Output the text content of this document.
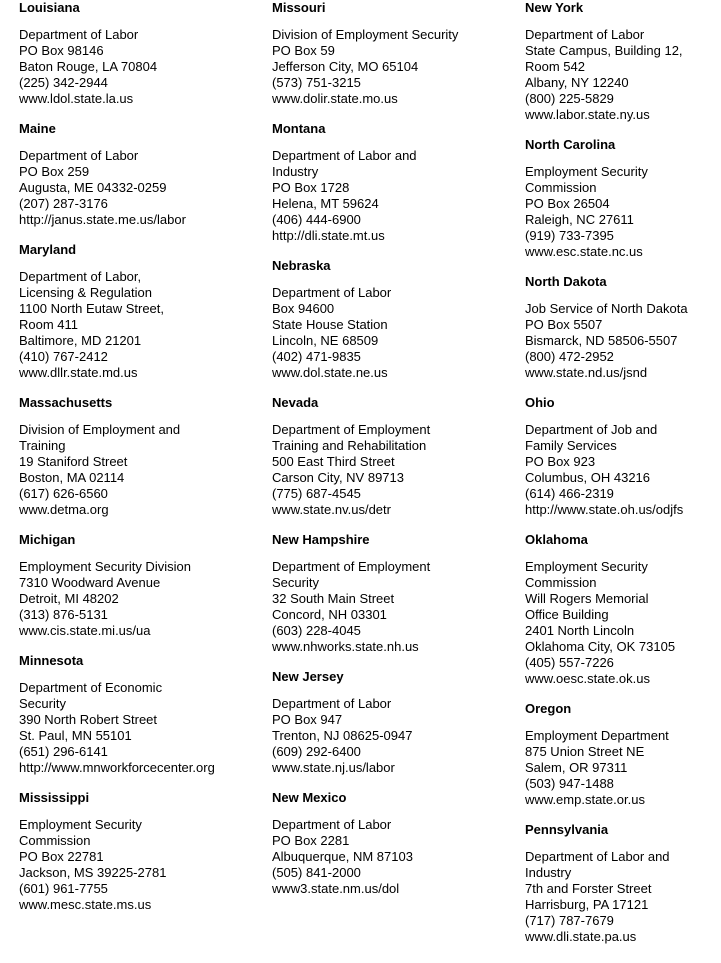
Louisiana
Department of Labor
PO Box 98146
Baton Rouge, LA 70804
(225) 342-2944
www.ldol.state.la.us
Maine
Department of Labor
PO Box 259
Augusta, ME 04332-0259
(207) 287-3176
http://janus.state.me.us/labor
Maryland
Department of Labor,
Licensing & Regulation
1100 North Eutaw Street,
Room 411
Baltimore, MD 21201
(410) 767-2412
www.dllr.state.md.us
Massachusetts
Division of Employment and
Training
19 Staniford Street
Boston, MA 02114
(617) 626-6560
www.detma.org
Michigan
Employment Security Division
7310 Woodward Avenue
Detroit, MI 48202
(313) 876-5131
www.cis.state.mi.us/ua
Minnesota
Department of Economic
Security
390 North Robert Street
St. Paul, MN 55101
(651) 296-6141
http://www.mnworkforcecenter.org
Mississippi
Employment Security
Commission
PO Box 22781
Jackson, MS 39225-2781
(601) 961-7755
www.mesc.state.ms.us
Missouri
Division of Employment Security
PO Box 59
Jefferson City, MO 65104
(573) 751-3215
www.dolir.state.mo.us
Montana
Department of Labor and
Industry
PO Box 1728
Helena, MT 59624
(406) 444-6900
http://dli.state.mt.us
Nebraska
Department of Labor
Box 94600
State House Station
Lincoln, NE 68509
(402) 471-9835
www.dol.state.ne.us
Nevada
Department of Employment
Training and Rehabilitation
500 East Third Street
Carson City, NV 89713
(775) 687-4545
www.state.nv.us/detr
New Hampshire
Department of Employment
Security
32 South Main Street
Concord, NH 03301
(603) 228-4045
www.nhworks.state.nh.us
New Jersey
Department of Labor
PO Box 947
Trenton, NJ 08625-0947
(609) 292-6400
www.state.nj.us/labor
New Mexico
Department of Labor
PO Box 2281
Albuquerque, NM 87103
(505) 841-2000
www3.state.nm.us/dol
New York
Department of Labor
State Campus, Building 12,
Room 542
Albany, NY 12240
(800) 225-5829
www.labor.state.ny.us
North Carolina
Employment Security
Commission
PO Box 26504
Raleigh, NC 27611
(919) 733-7395
www.esc.state.nc.us
North Dakota
Job Service of North Dakota
PO Box 5507
Bismarck, ND 58506-5507
(800) 472-2952
www.state.nd.us/jsnd
Ohio
Department of Job and
Family Services
PO Box 923
Columbus, OH 43216
(614) 466-2319
http://www.state.oh.us/odjfs
Oklahoma
Employment Security
Commission
Will Rogers Memorial
Office Building
2401 North Lincoln
Oklahoma City, OK 73105
(405) 557-7226
www.oesc.state.ok.us
Oregon
Employment Department
875 Union Street NE
Salem, OR 97311
(503) 947-1488
www.emp.state.or.us
Pennsylvania
Department of Labor and
Industry
7th and Forster Street
Harrisburg, PA 17121
(717) 787-7679
www.dli.state.pa.us
